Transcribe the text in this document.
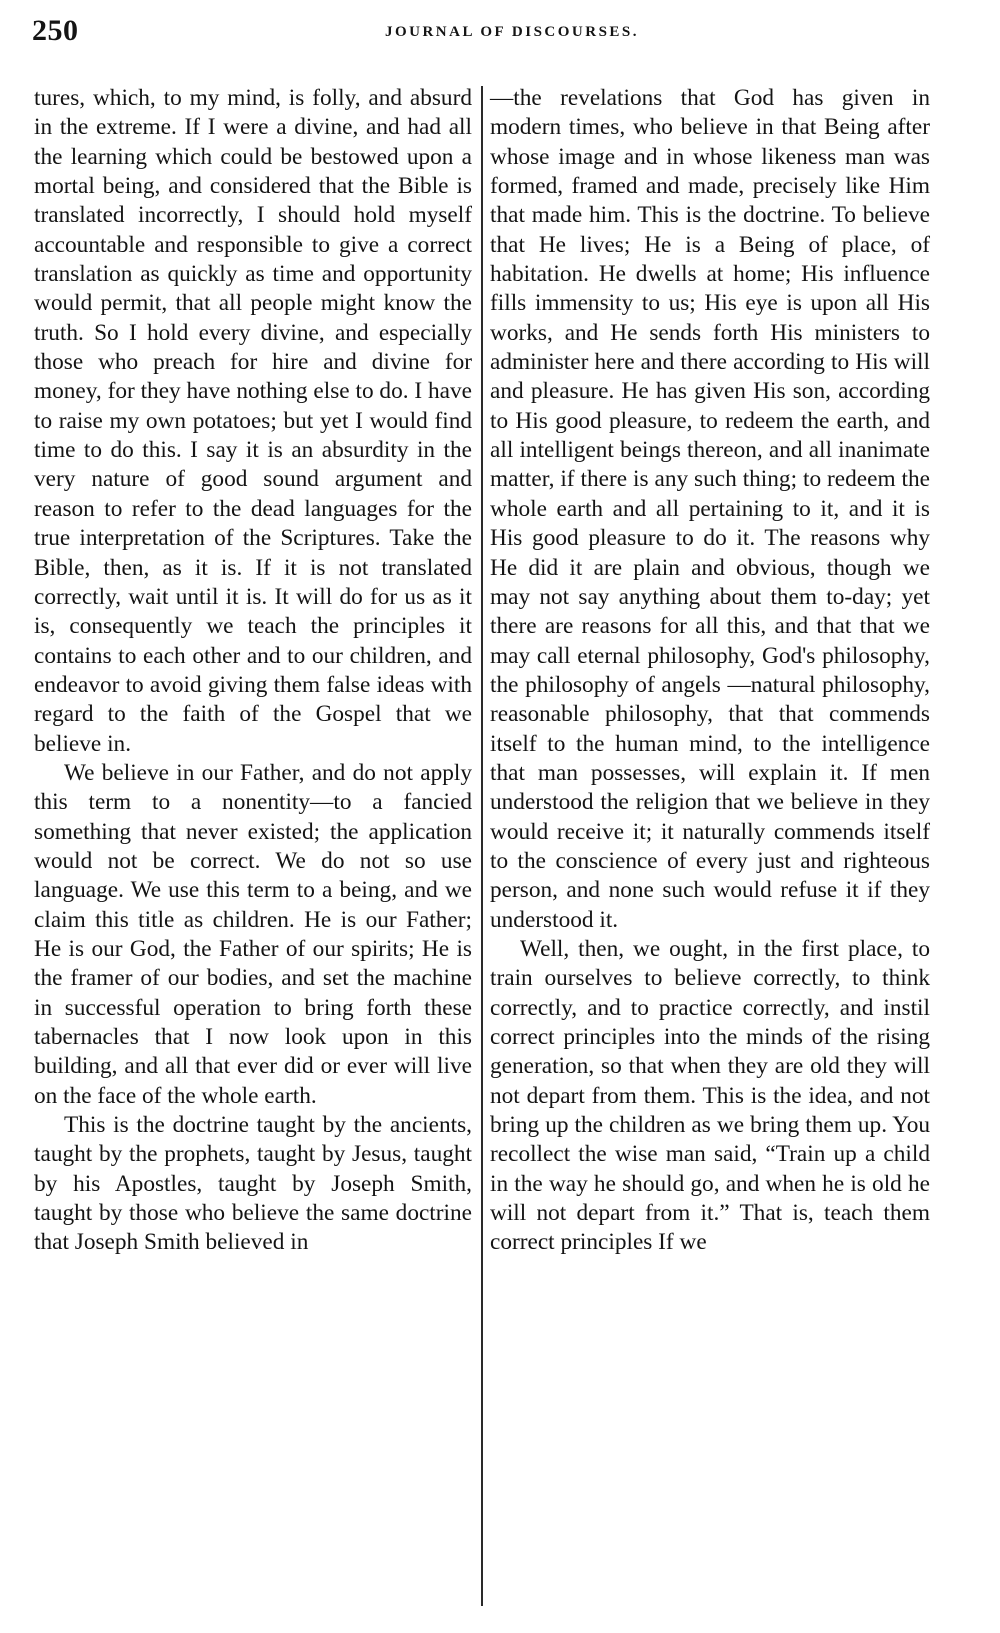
250	JOURNAL OF DISCOURSES.

tures, which, to my mind, is folly, and absurd in the extreme. If I were a divine, and had all the learning which could be bestowed upon a mortal being, and considered that the Bible is translated incorrectly, I should hold myself accountable and responsible to give a correct translation as quickly as time and opportunity would permit, that all people might know the truth. So I hold every divine, and especially those who preach for hire and divine for money, for they have nothing else to do. I have to raise my own potatoes; but yet I would find time to do this. I say it is an absurdity in the very nature of good sound argument and reason to refer to the dead languages for the true interpretation of the Scriptures. Take the Bible, then, as it is. If it is not translated correctly, wait until it is. It will do for us as it is, consequently we teach the principles it contains to each other and to our children, and endeavor to avoid giving them false ideas with regard to the faith of the Gospel that we believe in.

We believe in our Father, and do not apply this term to a nonentity—to a fancied something that never existed; the application would not be correct. We do not so use language. We use this term to a being, and we claim this title as children. He is our Father; He is our God, the Father of our spirits; He is the framer of our bodies, and set the machine in successful operation to bring forth these tabernacles that I now look upon in this building, and all that ever did or ever will live on the face of the whole earth.

This is the doctrine taught by the ancients, taught by the prophets, taught by Jesus, taught by his Apostles, taught by Joseph Smith, taught by those who believe the same doctrine that Joseph Smith believed in

—the revelations that God has given in modern times, who believe in that Being after whose image and in whose likeness man was formed, framed and made, precisely like Him that made him. This is the doctrine. To believe that He lives; He is a Being of place, of habitation. He dwells at home; His influence fills immensity to us; His eye is upon all His works, and He sends forth His ministers to administer here and there according to His will and pleasure. He has given His son, according to His good pleasure, to redeem the earth, and all intelligent beings thereon, and all inanimate matter, if there is any such thing; to redeem the whole earth and all pertaining to it, and it is His good pleasure to do it. The reasons why He did it are plain and obvious, though we may not say anything about them to-day; yet there are reasons for all this, and that that we may call eternal philosophy, God's philosophy, the philosophy of angels —natural philosophy, reasonable philosophy, that that commends itself to the human mind, to the intelligence that man possesses, will explain it. If men understood the religion that we believe in they would receive it; it naturally commends itself to the conscience of every just and righteous person, and none such would refuse it if they understood it.

Well, then, we ought, in the first place, to train ourselves to believe correctly, to think correctly, and to practice correctly, and instil correct principles into the minds of the rising generation, so that when they are old they will not depart from them. This is the idea, and not bring up the children as we bring them up. You recollect the wise man said, “Train up a child in the way he should go, and when he is old he will not depart from it.” That is, teach them correct principles If we
